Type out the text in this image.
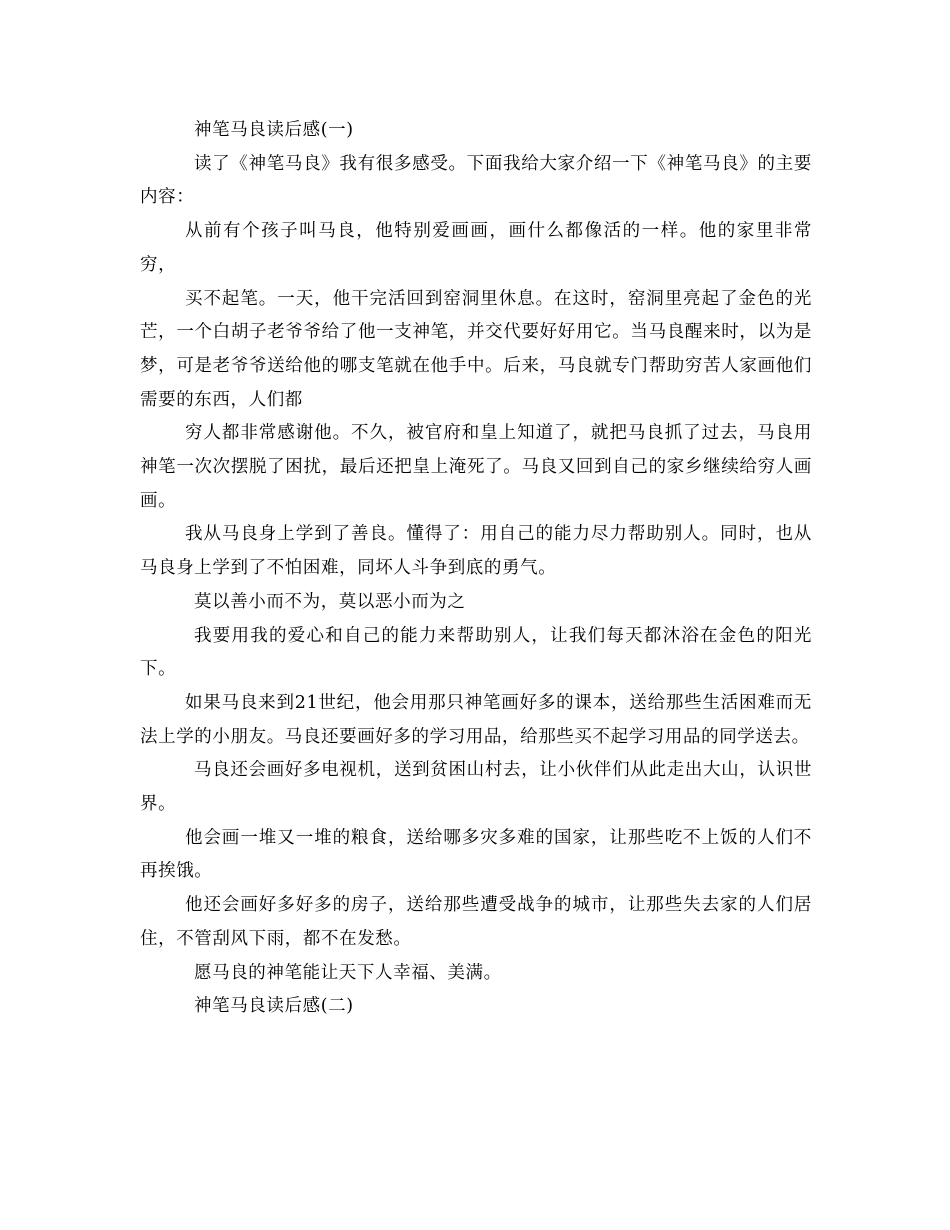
神笔马良读后感(一)

读了《神笔马良》我有很多感受。下面我给大家介绍一下《神笔马良》的主要内容：

从前有个孩子叫马良，他特别爱画画，画什么都像活的一样。他的家里非常穷，

买不起笔。一天，他干完活回到窑洞里休息。在这时，窑洞里亮起了金色的光芒，一个白胡子老爷爷给了他一支神笔，并交代要好好用它。当马良醒来时，以为是梦，可是老爷爷送给他的哪支笔就在他手中。后来，马良就专门帮助穷苦人家画他们需要的东西，人们都

穷人都非常感谢他。不久，被官府和皇上知道了，就把马良抓了过去，马良用神笔一次次摆脱了困扰，最后还把皇上淹死了。马良又回到自己的家乡继续给穷人画画。

我从马良身上学到了善良。懂得了：用自己的能力尽力帮助别人。同时，也从马良身上学到了不怕困难，同坏人斗争到底的勇气。

莫以善小而不为，莫以恶小而为之

我要用我的爱心和自己的能力来帮助别人，让我们每天都沐浴在金色的阳光下。

如果马良来到21世纪，他会用那只神笔画好多的课本，送给那些生活困难而无法上学的小朋友。马良还要画好多的学习用品，给那些买不起学习用品的同学送去。

马良还会画好多电视机，送到贫困山村去，让小伙伴们从此走出大山，认识世界。

他会画一堆又一堆的粮食，送给哪多灾多难的国家，让那些吃不上饭的人们不再挨饿。

他还会画好多好多的房子，送给那些遭受战争的城市，让那些失去家的人们居住，不管刮风下雨，都不在发愁。

愿马良的神笔能让天下人幸福、美满。

神笔马良读后感(二)
